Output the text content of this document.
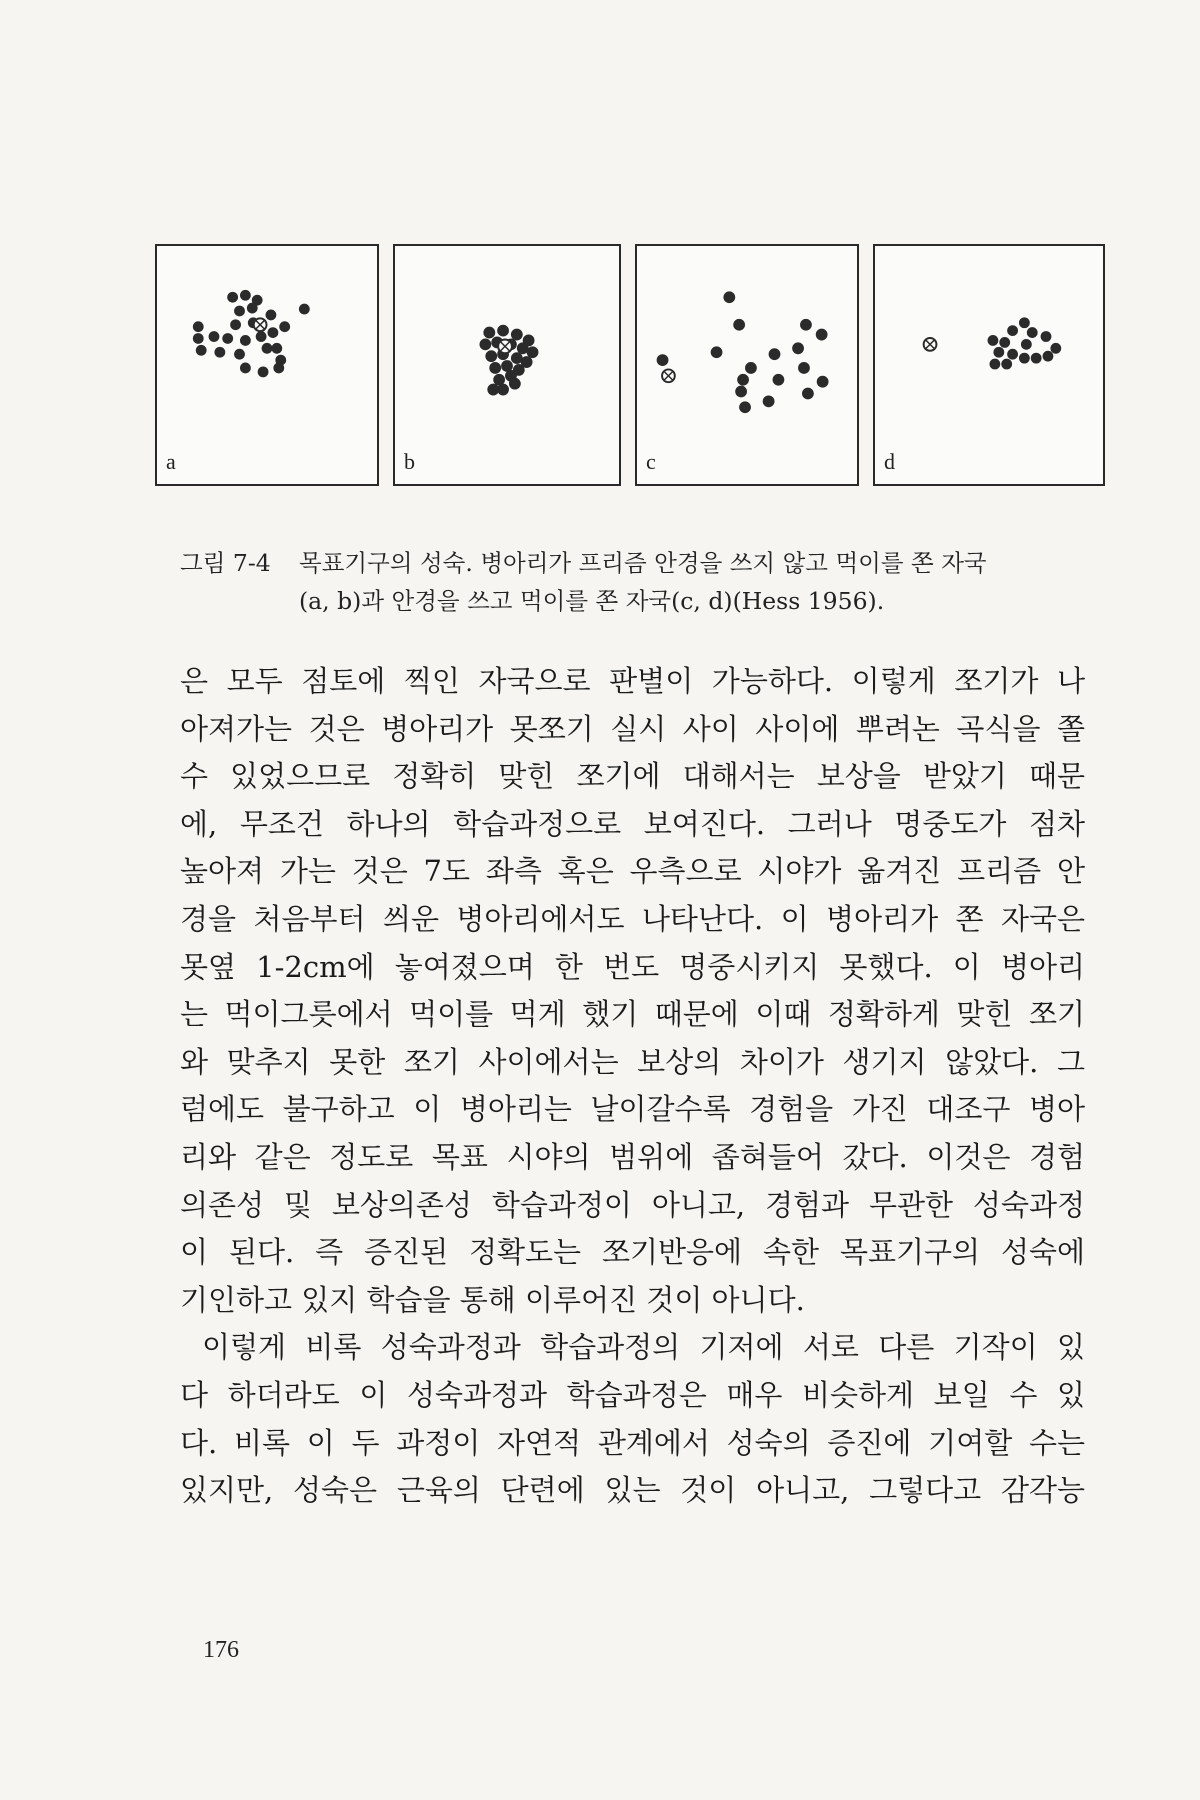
a	b	c	d
그림 7-4 목표기구의 성숙. 병아리가 프리즘 안경을 쓰지 않고 먹이를 쫀 자국
(a, b)과 안경을 쓰고 먹이를 쫀 자국(c, d)(Hess 1956).
은 모두 점토에 찍인 자국으로 판별이 가능하다. 이렇게 쪼기가 나
아져가는 것은 병아리가 못쪼기 실시 사이 사이에 뿌려논 곡식을 쫄
수 있었으므로 정확히 맞힌 쪼기에 대해서는 보상을 받았기 때문
에, 무조건 하나의 학습과정으로 보여진다. 그러나 명중도가 점차
높아져 가는 것은 7도 좌측 혹은 우측으로 시야가 옮겨진 프리즘 안
경을 처음부터 씌운 병아리에서도 나타난다. 이 병아리가 쫀 자국은
못옆 1-2cm에 놓여졌으며 한 번도 명중시키지 못했다. 이 병아리
는 먹이그릇에서 먹이를 먹게 했기 때문에 이때 정확하게 맞힌 쪼기
와 맞추지 못한 쪼기 사이에서는 보상의 차이가 생기지 않았다. 그
럼에도 불구하고 이 병아리는 날이갈수록 경험을 가진 대조구 병아
리와 같은 정도로 목표 시야의 범위에 좁혀들어 갔다. 이것은 경험
의존성 및 보상의존성 학습과정이 아니고, 경험과 무관한 성숙과정
이 된다. 즉 증진된 정확도는 쪼기반응에 속한 목표기구의 성숙에
기인하고 있지 학습을 통해 이루어진 것이 아니다.
이렇게 비록 성숙과정과 학습과정의 기저에 서로 다른 기작이 있
다 하더라도 이 성숙과정과 학습과정은 매우 비슷하게 보일 수 있
다. 비록 이 두 과정이 자연적 관계에서 성숙의 증진에 기여할 수는
있지만, 성숙은 근육의 단련에 있는 것이 아니고, 그렇다고 감각능
176
